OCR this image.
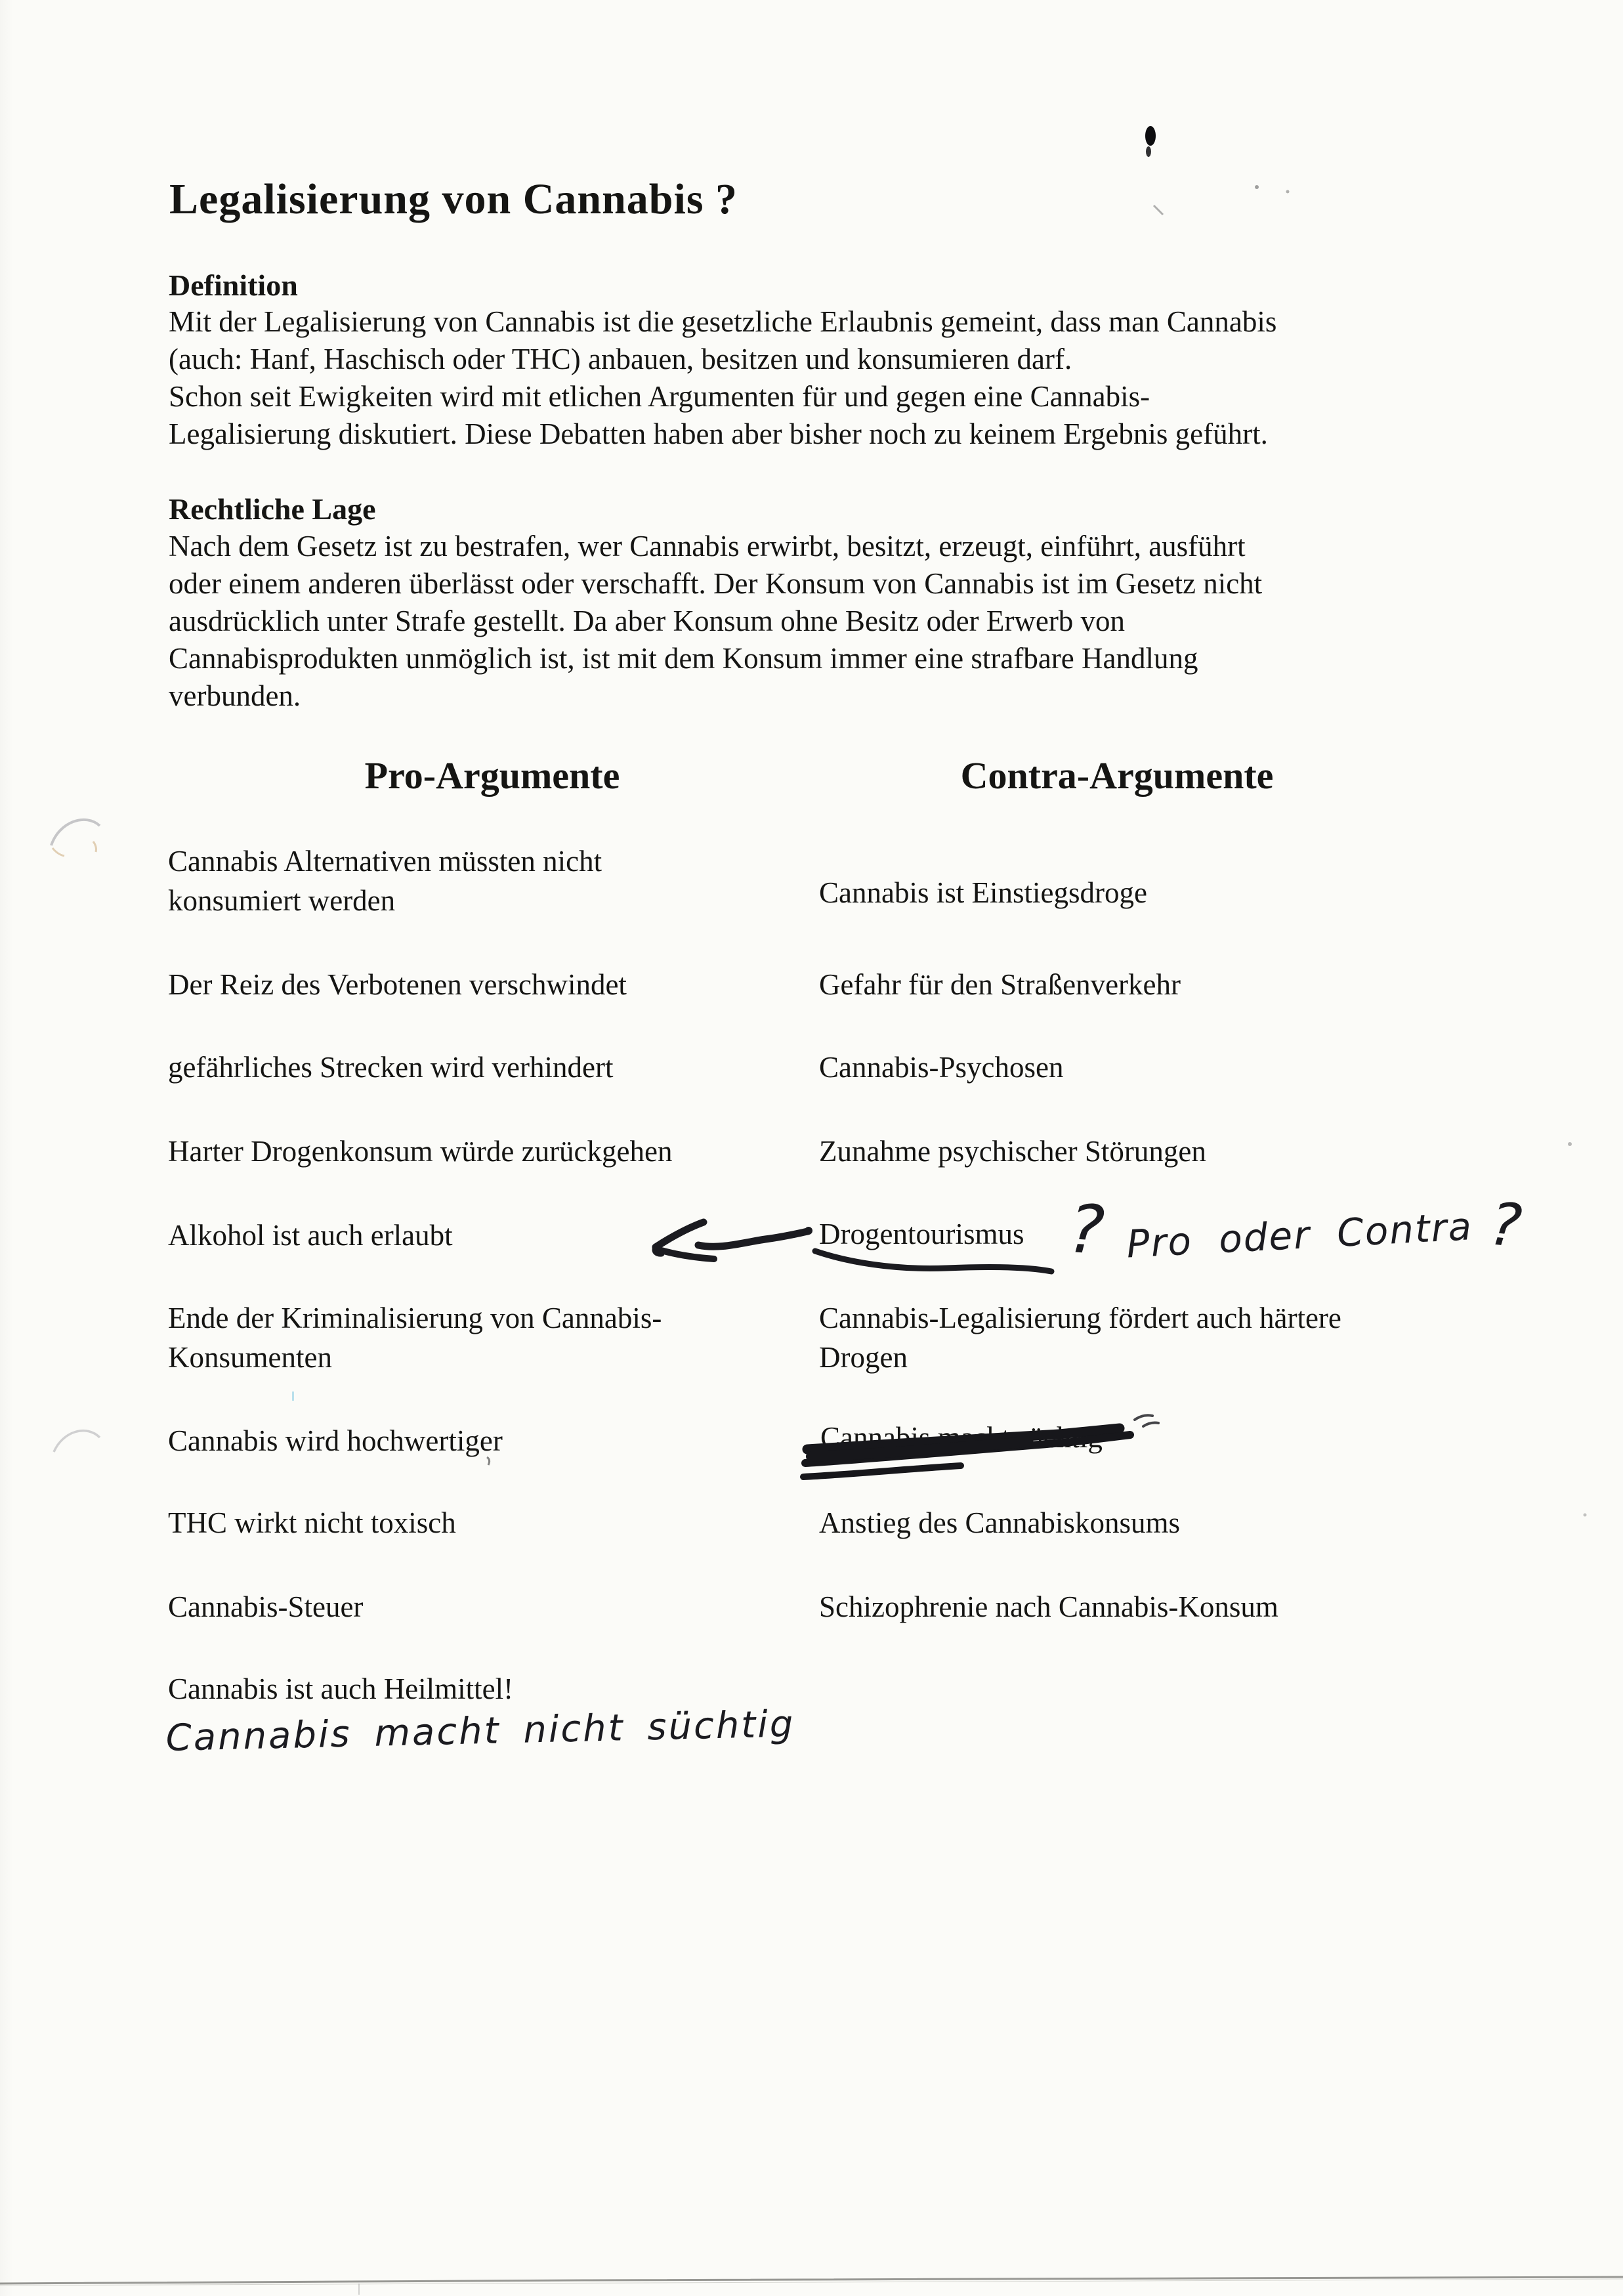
Legalisierung von Cannabis ?
Definition
Mit der Legalisierung von Cannabis ist die gesetzliche Erlaubnis gemeint, dass man Cannabis
(auch: Hanf, Haschisch oder THC) anbauen, besitzen und konsumieren darf.
Schon seit Ewigkeiten wird mit etlichen Argumenten für und gegen eine Cannabis-
Legalisierung diskutiert. Diese Debatten haben aber bisher noch zu keinem Ergebnis geführt.
Rechtliche Lage
Nach dem Gesetz ist zu bestrafen, wer Cannabis erwirbt, besitzt, erzeugt, einführt, ausführt
oder einem anderen überlässt oder verschafft. Der Konsum von Cannabis ist im Gesetz nicht
ausdrücklich unter Strafe gestellt. Da aber Konsum ohne Besitz oder Erwerb von
Cannabisprodukten unmöglich ist, ist mit dem Konsum immer eine strafbare Handlung
verbunden.
Pro-Argumente	Contra-Argumente
Cannabis Alternativen müssten nicht
konsumiert werden
Der Reiz des Verbotenen verschwindet
gefährliches Strecken wird verhindert
Harter Drogenkonsum würde zurückgehen
Alkohol ist auch erlaubt
Ende der Kriminalisierung von Cannabis-
Konsumenten
Cannabis wird hochwertiger
THC wirkt nicht toxisch
Cannabis-Steuer
Cannabis ist auch Heilmittel!
Cannabis macht nicht süchtig
Cannabis ist Einstiegsdroge
Gefahr für den Straßenverkehr
Cannabis-Psychosen
Zunahme psychischer Störungen
Drogentourismus
Cannabis-Legalisierung fördert auch härtere
Drogen
Cannabis macht süchtig
Anstieg des Cannabiskonsums
Schizophrenie nach Cannabis-Konsum
? Pro oder Contra ?
